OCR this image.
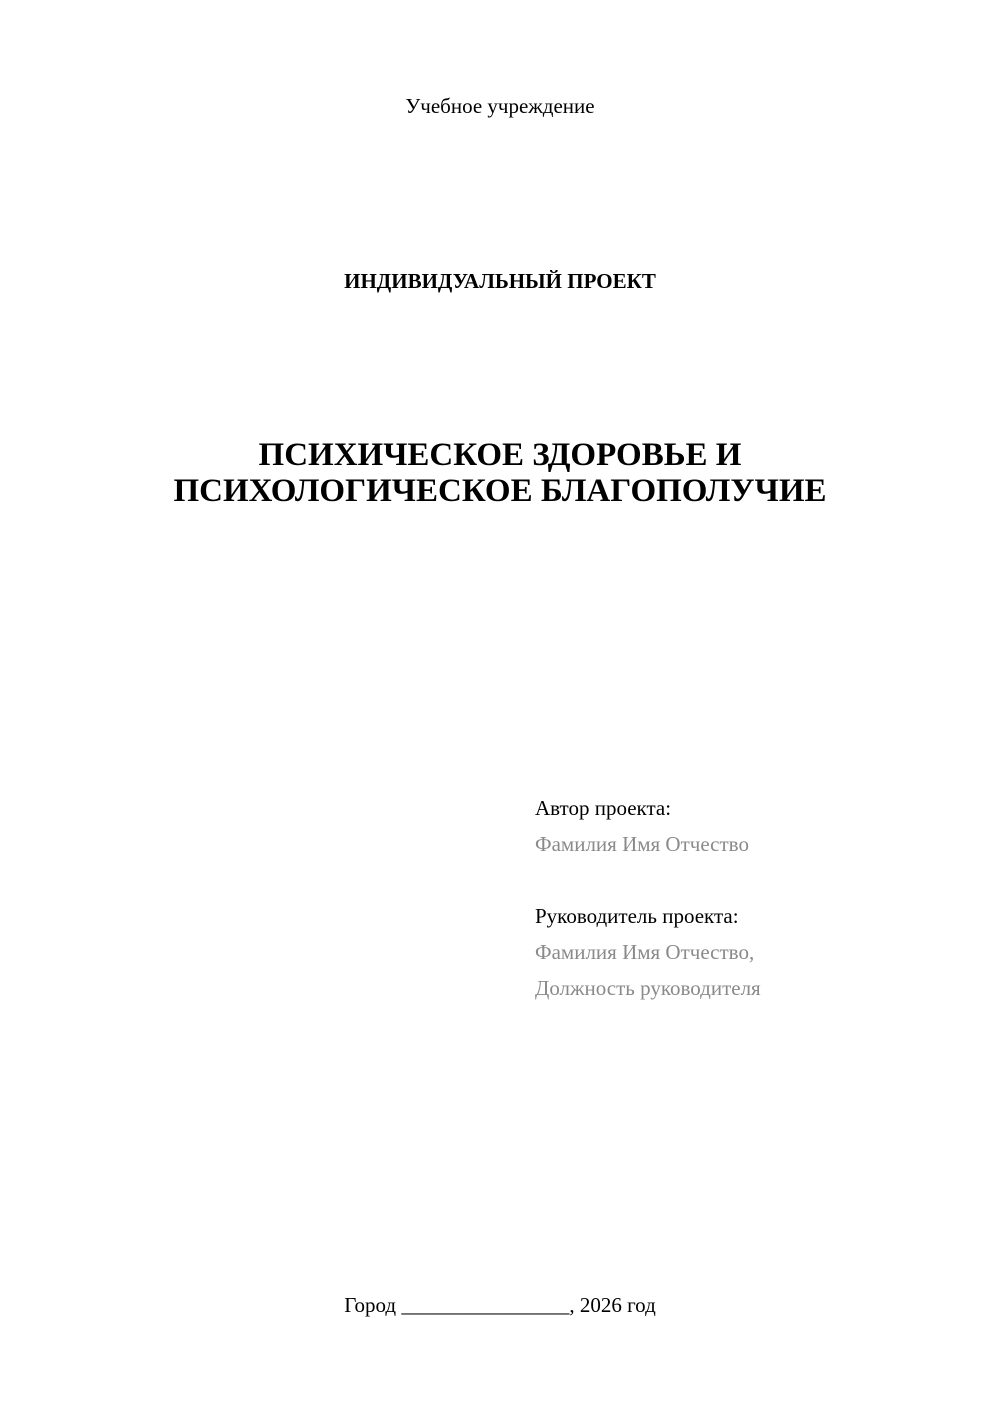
Учебное учреждение
ИНДИВИДУАЛЬНЫЙ ПРОЕКТ
ПСИХИЧЕСКОЕ ЗДОРОВЬЕ И
ПСИХОЛОГИЧЕСКОЕ БЛАГОПОЛУЧИЕ
Автор проекта:
Фамилия Имя Отчество
Руководитель проекта:
Фамилия Имя Отчество,
Должность руководителя
Город ________________, 2026 год
